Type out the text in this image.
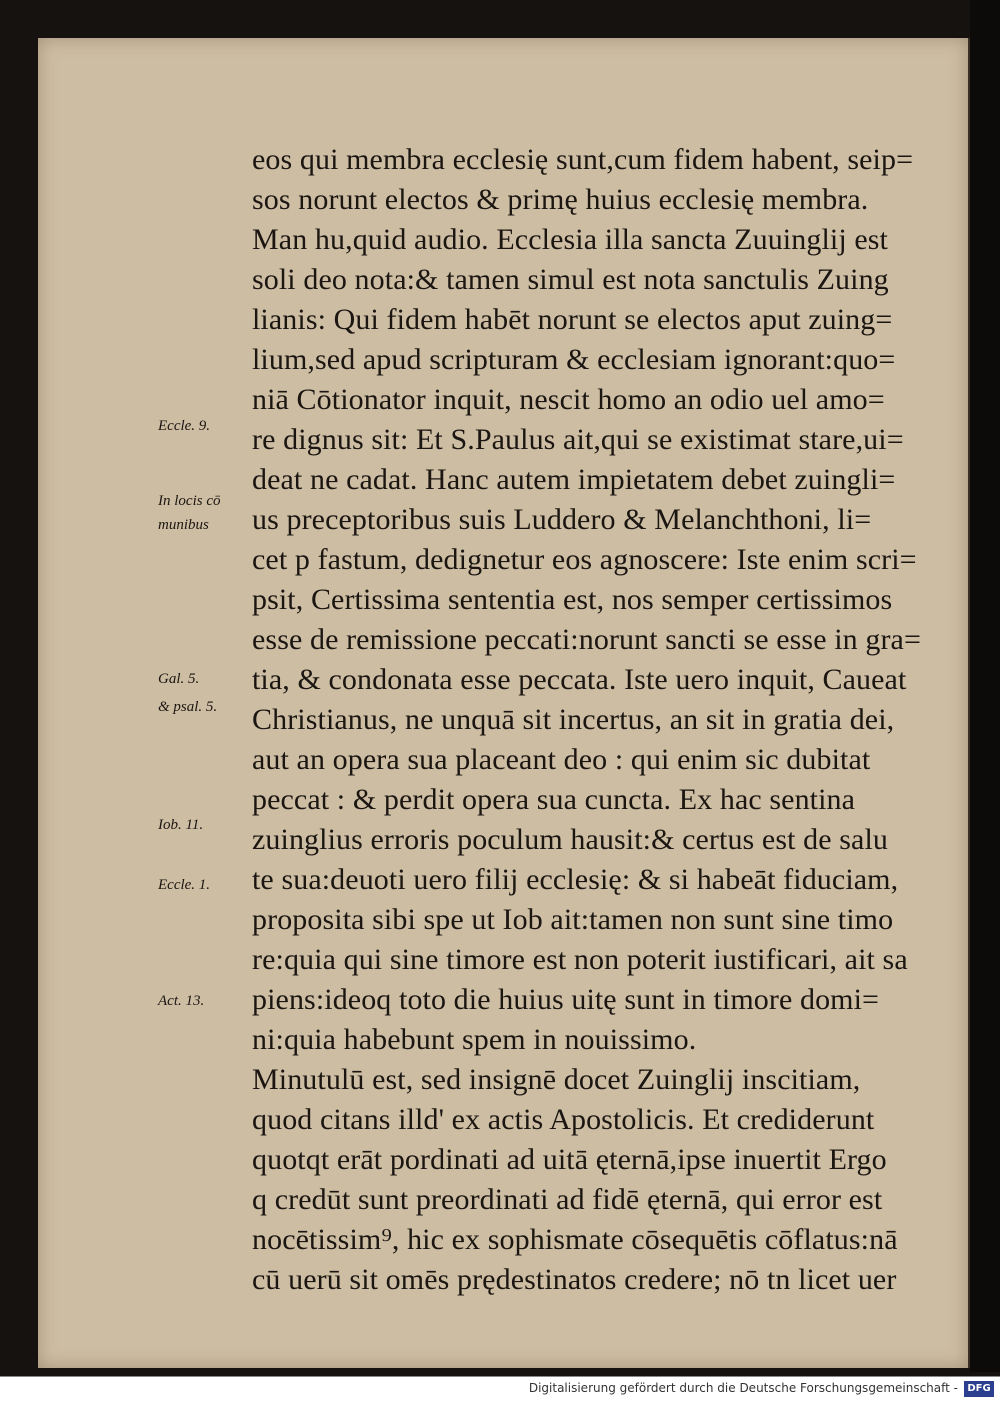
eos qui membra ecclesię sunt,cum fidem habent, seip=
sos norunt electos & primę huius ecclesię membra.
Man hu,quid audio. Ecclesia illa sancta Zuuinglij est
soli deo nota:& tamen simul est nota sanctulis Zuing
lianis: Qui fidem habēt norunt se electos aput zuing=
lium,sed apud scripturam & ecclesiam ignorant:quo=
niā Cōtionator inquit, nescit homo an odio uel amo=
re dignus sit: Et S.Paulus ait,qui se existimat stare,ui=
deat ne cadat. Hanc autem impietatem debet zuingli=
us preceptoribus suis Luddero & Melanchthoni, li=
cet p fastum, dedignetur eos agnoscere: Iste enim scri=
psit, Certissima sententia est, nos semper certissimos
esse de remissione peccati:norunt sancti se esse in gra=
tia, & condonata esse peccata. Iste uero inquit, Caueat
Christianus, ne unquā sit incertus, an sit in gratia dei,
aut an opera sua placeant deo : qui enim sic dubitat
peccat : & perdit opera sua cuncta. Ex hac sentina
zuinglius erroris poculum hausit:& certus est de salu
te sua:deuoti uero filij ecclesię: & si habeāt fiduciam,
proposita sibi spe ut Iob ait:tamen non sunt sine timo
re:quia qui sine timore est non poterit iustificari, ait sa
piens:ideoq toto die huius uitę sunt in timore domi=
ni:quia habebunt spem in nouissimo.
Minutulū est, sed insignē docet Zuinglij inscitiam,
quod citans illd' ex actis Apostolicis. Et crediderunt
quotqt erāt pordinati ad uitā ęternā,ipse inuertit Ergo
q credūt sunt preordinati ad fidē ęternā, qui error est
nocētissim⁹, hic ex sophismate cōsequētis cōflatus:nā
cū uerū sit omēs prędestinatos credere; nō tn licet uer
Eccle. 9.
In locis cō
munibus
Gal. 5.
& psal. 5.
Iob. 11.
Eccle. 1.
Act. 13.
Digitalisierung gefördert durch die Deutsche Forschungsgemeinschaft - DFG
